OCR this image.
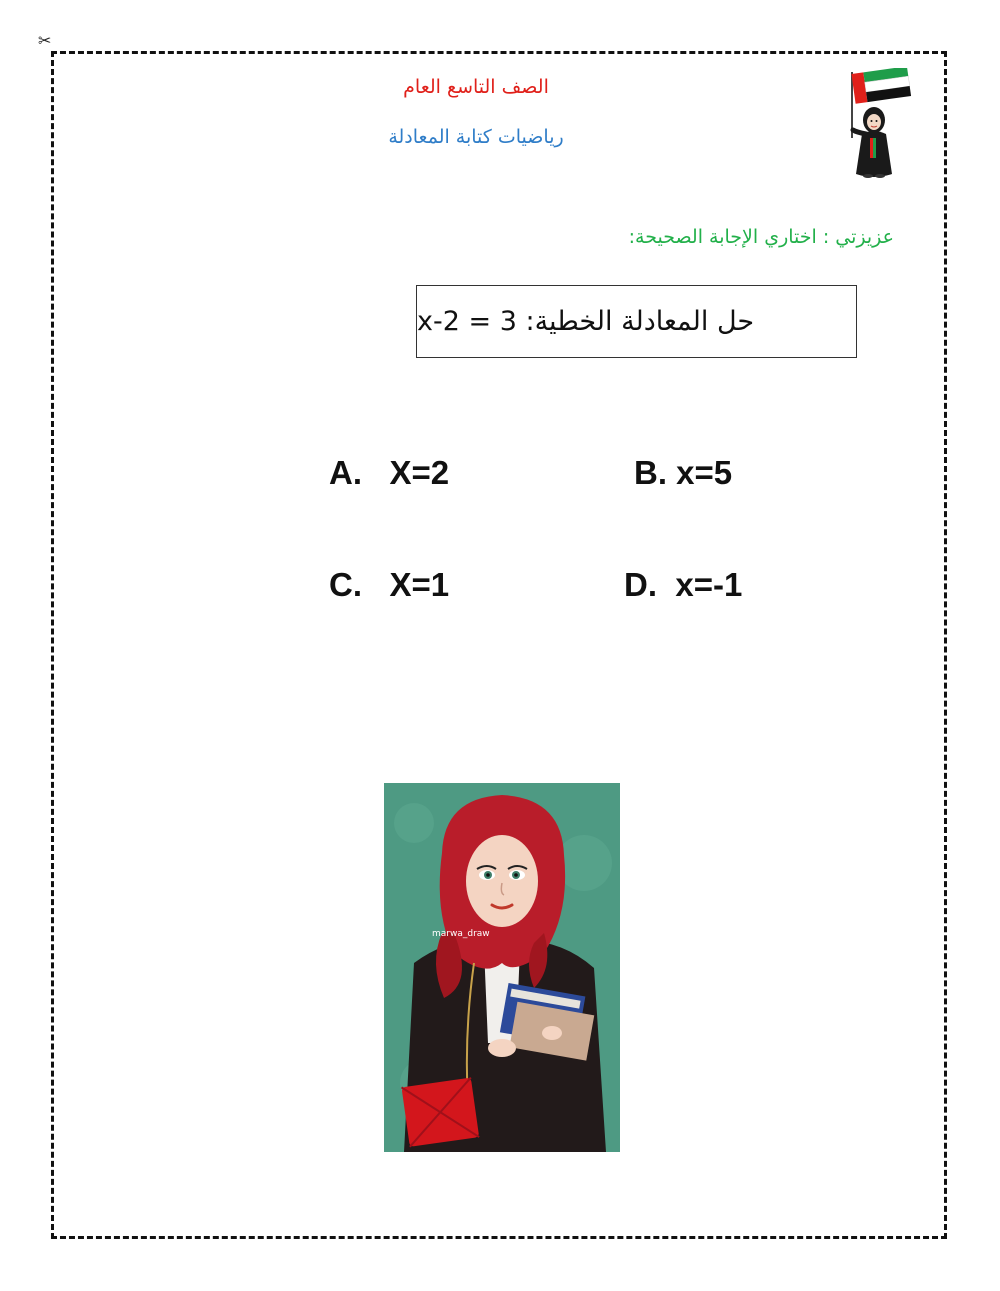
✂
الصف التاسع العام
رياضيات كتابة المعادلة
عزيزتي : اختاري الإجابة الصحيحة:
حل المعادلة الخطية: 3 = x-2
A.   X=2	B. x=5
C.   X=1	D.  x=-1
marwa_draw
